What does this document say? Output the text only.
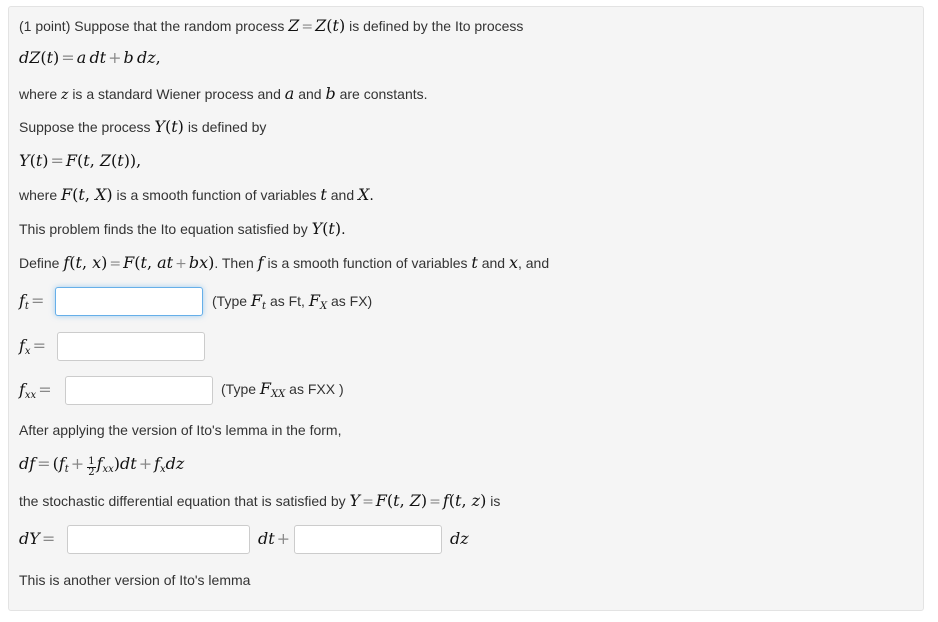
(1 point) Suppose that the random process Z = Z(t) is defined by the Ito process
dZ(t) = a dt + b dz,
where z is a standard Wiener process and a and b are constants.
Suppose the process Y(t) is defined by
Y(t) = F(t, Z(t)),
where F(t, X) is a smooth function of variables t and X.
This problem finds the Ito equation satisfied by Y(t).
Define f(t, x) = F(t, at + bx). Then f is a smooth function of variables t and x, and
$f_t$ =	(Type $F_t$ as Ft, $F_X$ as FX)
$f_x$ =
$f_{xx}$ =	(Type $F_{XX}$ as FXX )
After applying the version of Ito's lemma in the form,
df = $(f_t + \frac{1}{2} f_{xx})dt + f_xdz$
the stochastic differential equation that is satisfied by Y = F(t, Z) = f(t, z) is
dY =	dt +	dz
This is another version of Ito's lemma
